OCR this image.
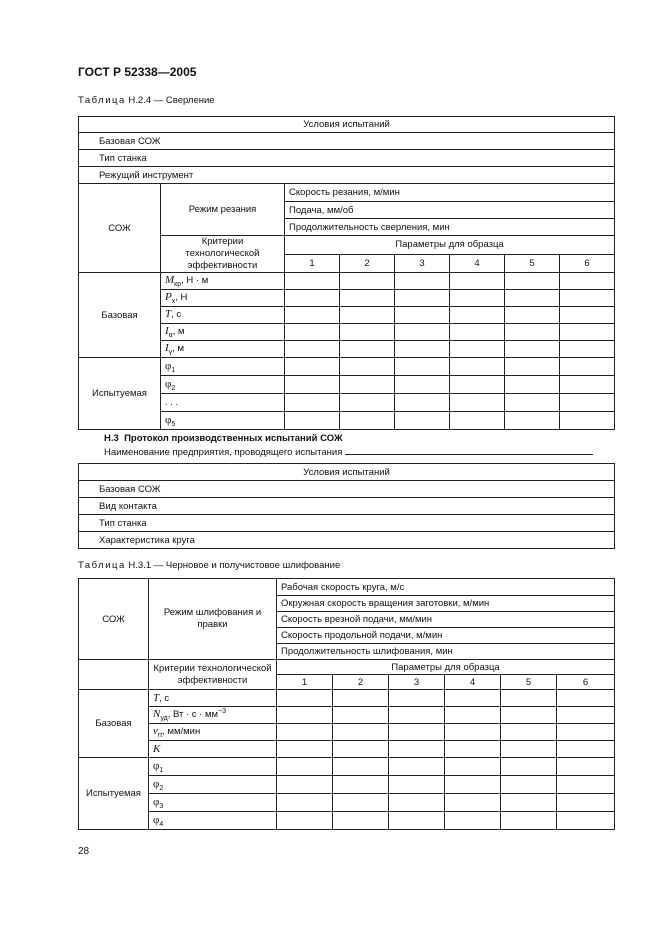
ГОСТ Р 52338—2005
Таблица Н.2.4 — Сверление
Условия испытаний							
Базовая СОЖ							
Тип станка							
Режущий инструмент							
СОЖ	Режим резания	Скорость резания, м/мин					
		Подача, мм/об					
		Продолжительность сверления, мин					
	Критерии технологической эффективности	Параметры для образца					
		1	2	3	4	5	6
Базовая	$M_{кр}$, Н · м						
	$P_x$, Н						
	T, с						
	$I_\alpha$, м						
	$I_\gamma$, м						
Испытуемая	$\varphi_1$						
	$\varphi_2$						
	. . .						
	$\varphi_5$						
Н.3 Протокол производственных испытаний СОЖ
Наименование предприятия, проводящего испытания
Условия испытаний
Базовая СОЖ
Вид контакта
Тип станка
Характеристика круга
Таблица Н.3.1 — Черновое и получистовое шлифование
СОЖ	Режим шлифования и правки	Рабочая скорость круга, м/с					
		Окружная скорость вращения заготовки, м/мин					
		Скорость врезной подачи, мм/мин					
		Скорость продольной подачи, м/мин					
		Продолжительность шлифования, мин					
	Критерии технологической эффективности	Параметры для образца					
		1	2	3	4	5	6
Базовая	T, с						
	$N_{уд}$, Вт · $с \cdot мм^{-3}$						
	$v_{rt}$, мм/мин						
	K						
Испытуемая	$\varphi_1$						
	$\varphi_2$						
	$\varphi_3$						
	$\varphi_4$						
28
